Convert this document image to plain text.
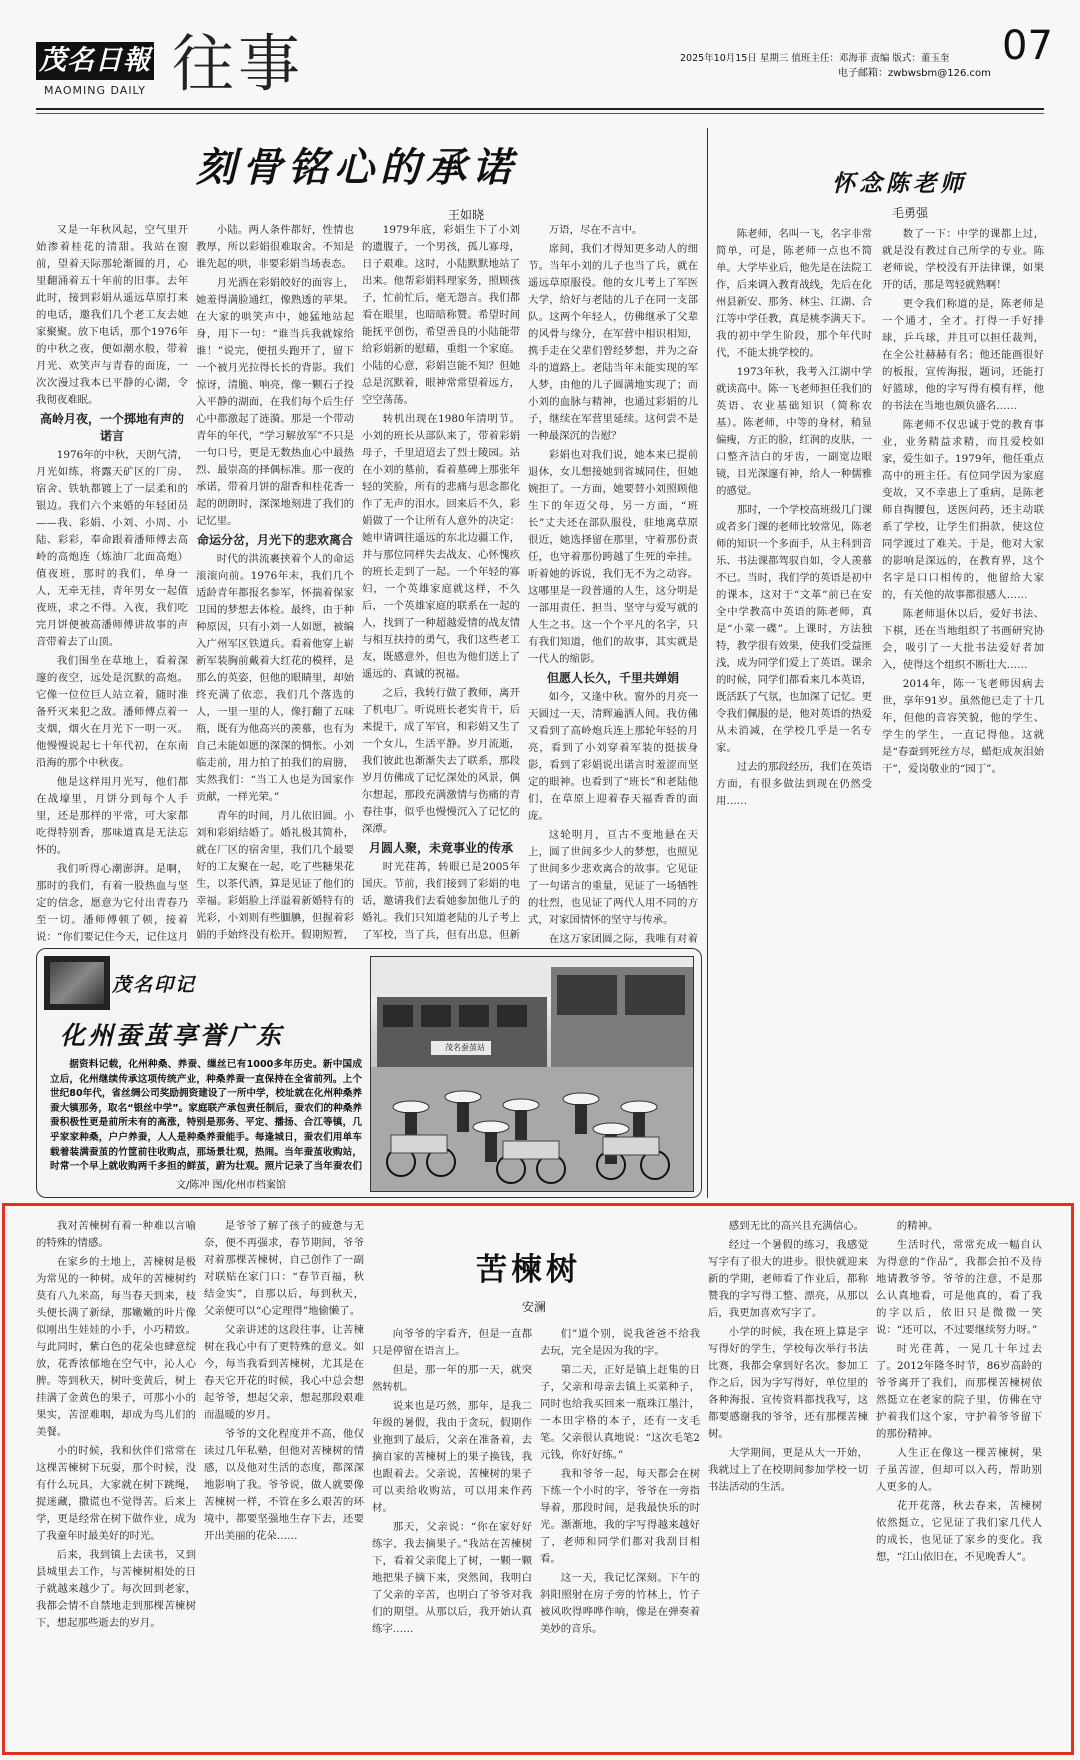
茂名日報
MAOMING DAILY 往事	2025年10月15日 星期三 值班主任：邓海菲 责编 版式：董玉奎
电子邮箱：zwbwsbm@126.com
07
刻骨铭心的承诺
王如晓

又是一年秋风起，空气里开始渗着桂花的清甜。我站在窗前，望着天际那轮渐圆的月，心里翻涌着五十年前的旧事。去年此时，接到彩娟从遥远草原打来的电话，邀我们几个老工友去她家聚聚。放下电话，那个1976年的中秋之夜，便如潮水般，带着月光、欢笑声与青春的面庞，一次次漫过我本已平静的心湖，令我彻夜难眠。

高岭月夜，一个掷地有声的诺言

1976年的中秋，天朗气清，月光如练，将露天矿区的厂房、宿舍、铁轨都镀上了一层柔和的银边。我们六个来婚的年轻团员——我、彩娟、小刘、小周、小陆、彩彩，奉命跟着潘师傅去高岭的高炮连（炼油厂北面高炮）值夜班，那时的我们，单身一人，无牵无挂，青年男女一起值夜班，求之不得。入夜，我们吃完月饼便被高潘师傅讲故事的声音带着去了山顶。

我们围坐在草地上，看着深邃的夜空，远处是沉默的高炮。它像一位位巨人站立着，随时准备歼灭来犯之敌。潘师傅点着一支烟，烟火在月光下一明一灭。他慢慢说起七十年代初，在东南沿海的那个中秋夜。

他是这样用月光写，他们都在战壕里，月饼分到每个人手里，还是那样的平常，可大家都吃得特别香，那味道真是无法忘怀的。

我们听得心潮澎湃。是啊，那时的我们，有着一股热血与坚定的信念，愿意为它付出青春乃至一切。潘师傅顿了顿，接着说：“你们要记住今天，记住这月

小陆。两人条件都好，性情也教厚，所以彩娟很难取舍。不知是谁先起的哄，非要彩娟当场表态。

月光洒在彩娟皎好的面容上，她羞得满脸通红，像熟透的苹果。在大家的哄笑声中，她猛地站起身，用下一句：“谁当兵我就嫁给谁！”说完，便扭头跑开了，留下一个被月光拉得长长的背影。我们惊讶，清脆、响亮，像一颗石子投入平静的湖面，在我们每个后生仔心中都激起了涟漪。那是一个带动青年的年代，“学习解放军”不只是一句口号，更是无数热血心中最热烈、最崇高的择偶标准。那一夜的承诺，带着月饼的甜香和桂花香一起的朗朗时，深深地刻进了我们的记忆里。

命运分岔，月光下的悲欢离合

时代的洪流裹挟着个人的命运滚滚向前。1976年末，我们几个适龄青年都报名参军，怀揣着保家卫国的梦想去体检。最终，由于种种原因，只有小刘一人如愿，被编入广州军区铁道兵。看着他穿上崭新军装胸前戴着大红花的模样，是那么的英姿，但他的眼睛里，却始终充满了依恋，我们几个落选的人，一里一里的人，像打翻了五味瓶，既有为他高兴的羡慕，也有为自己未能如愿的深深的惆怅。小刘临走前，用力拍了拍我们的肩膀，实然我们：“当工人也是为国家作贡献，一样光荣。”

青年的时间，月儿依旧圆。小刘和彩娟结婚了。婚礼极其简朴，就在厂区的宿舍里，我们几个最要好的工友聚在一起，吃了些糖果花生，以茶代酒，算是见证了他们的幸福。彩娟脸上洋溢着新婚特有的光彩，小刘则有些腼腆，但握着彩娟的手始终没有松开。假期短暂，

1979年底，彩娟生下了小刘的遗腹子，一个男孩，孤儿寡母，日子艰难。这时，小陆默默地站了出来。他帮彩娟料理家务，照顾孩子，忙前忙后，毫无怨言。我们都看在眼里，也暗暗称赞。希望时间能抚平创伤，希望善良的小陆能带给彩娟新的慰藉，重组一个家庭。小陆的心意，彩娟岂能不知？但她总是沉默着，眼神常常望着远方，空空荡荡。

转机出现在1980年清明节。小刘的班长从部队来了，带着彩娟母子，千里迢迢去了烈士陵园。站在小刘的墓前，看着墓碑上那张年轻的笑脸，所有的悲痛与思念都化作了无声的泪水。回来后不久，彩娟做了一个让所有人意外的决定：她申请调往遥远的东北边疆工作，并与那位同样失去战友、心怀愧疚的班长走到了一起。一个年轻的寡妇，一个英雄家庭就这样，不久后，一个英雄家庭的联系在一起的人，找到了一种超越爱情的战友情与相互扶持的勇气，我们这些老工友，既感意外，但也为他们送上了遥远的、真诚的祝福。

之后，我转行做了教师，离开了机电厂。听说班长老实肯干，后来提干，成了军官，和彩娟又生了一个女儿，生活平静。岁月流逝，我们彼此也渐渐失去了联系，那段岁月仿佛成了记忆深处的风景，偶尔想起，那段充满激情与伤痛的青春往事，似乎也慢慢沉入了记忆的深潭。

月圆人聚，未竟事业的传承

时光荏苒，转眼已是2005年国庆。节前，我们接到了彩娟的电话，邀请我们去看她参加他儿子的婚礼。我们只知道老陆的儿子考上了军校，当了兵，但有出息，但新

万语，尽在不言中。

席间，我们才得知更多动人的细节。当年小刘的儿子也当了兵，就在遥远草原服役。他的女儿考上了军医大学，给好与老陆的儿子在同一支部队。这两个年轻人，仿佛继承了父辈的风骨与缘分，在军营中相识相知，携手走在父辈们曾经梦想，并为之奋斗的道路上。老陆当年未能实现的军人梦，由他的儿子圆满地实现了；而小刘的血脉与精神，也通过彩娟的儿子，继续在军营里延续。这何尝不是一种最深沉的告慰？

彩娟也对我们说，她本来已提前退休，女儿想接她到省城同住，但她婉拒了。一方面，她要替小刘照顾他生下的年迈父母，另一方面，“班长”丈夫还在部队服役，驻地离草原很近，她选择留在那里，守着那份责任，也守着那份跨越了生死的牵挂。听着她的诉说，我们无不为之动容。这哪里是一段普通的人生，这分明是一部用责任、担当、坚守与爱写就的人生之书。这一个个平凡的名字，只有我们知道，他们的故事，其实就是一代人的缩影。

但愿人长久，千里共婵娟

如今，又逢中秋。窗外的月亮一天圆过一天，清辉遍洒人间。我仿佛又看到了高岭炮兵连上那轮年轻的月亮，看到了小刘穿着军装的挺拔身影，看到了彩娟说出诺言时羞涩而坚定的眼神。也看到了“班长”和老陆他们，在草原上迎着春天福香香的面庞。

这轮明月，亘古不变地悬在天上，圆了世间多少人的梦想，也照见了世间多少悲欢离合的故事。它见证了一句诺言的重量，见证了一场牺牲的壮烈，也见证了两代人用不同的方式，对家国情怀的坚守与传承。

在这万家团圆之际，我唯有对着

怀念陈老师
毛勇强

陈老师，名叫一飞，名字非常简单，可是，陈老师一点也不简单。大学毕业后，他先是在法院工作，后来调入教育战线，先后在化州县新安、那务、林尘、江湖、合江等中学任教，真是桃李满天下。我的初中学生阶段，那个年代时代，不能太挑学校的。

1973年秋，我考入江湖中学就读高中。陈一飞老师担任我们的英语、农业基础知识（简称农基）。陈老师，中等的身材，稍显偏瘦，方正的脸，红润的皮肤，一口整齐洁白的牙齿，一副宽边眼镜，目光深邃有神，给人一种儒雅的感觉。

那时，一个学校高班级几门课或者多门课的老师比较常见，陈老师的知识一个多面手，从主科到音乐、书法课都驾驭自如，令人羡慕不已。当时，我们学的英语是初中的课本，这对于“文革”前已在安全中学教高中英语的陈老师，真是“小菜一碟”。上课时，方法独特，教学很有效果，使我们受益匪浅，成为同学们爱上了英语。课余的时候，同学们都看来几本英语，既活跃了气氛，也加深了记忆。更令我们佩服的是，他对英语的热爱从未消减，在学校几乎是一名专家。

过去的那段经历，我们在英语方面，有很多做法到现在仍然受用……

数了一下：中学的课都上过，就是没有教过自己所学的专业。陈老师说，学校没有开法律课，如果开的话，那是驾轻就熟啊！

更令我们称道的是，陈老师是一个通才，全才。打得一手好排球，乒乓球，并且可以担任裁判，在全公社赫赫有名；他还能画很好的板报，宣传海报，题词，还能打好篮球，他的字写得有模有样，他的书法在当地也颇负盛名……

陈老师不仅忠诚于党的教育事业，业务精益求精，而且爱校如家，爱生如子。1979年，他任重点高中的班主任。有位同学因为家庭变故，又不幸患上了重病，是陈老师自掏腰包，送医问药，还主动联系了学校，让学生们捐款，使这位同学渡过了难关。于是，他对大家的影响是深远的，在教育界，这个名字是口口相传的，他留给大家的，有关他的故事都很感人……

陈老师退休以后，爱好书法、下棋，还在当地组织了书画研究协会，吸引了一大批书法爱好者加入，使得这个组织不断壮大……

2014年，陈一飞老师因病去世，享年91岁。虽然他已走了十几年，但他的音容笑貌，他的学生、学生的学生，一直记得他。这就是“春蚕到死丝方尽，蜡炬成灰泪始干”，爱岗敬业的“园丁”。

茂名印记
化州蚕茧享誉广东
据资料记载，化州种桑、养蚕、缫丝已有1000多年历史。新中国成立后，化州继续传承这项传统产业，种桑养蚕一直保持在全省前列。上个世纪80年代，省丝绸公司奖励拥资建设了一所中学，校址就在化州种桑养蚕大镇那务，取名“银丝中学”。家庭联产承包责任制后，蚕农们的种桑养蚕积极性更是前所未有的高涨，特别是那务、平定、播扬、合江等镇，几乎家家种桑，户户养蚕，人人是种桑养蚕能手。每逢城日，蚕农们用单车载着装满蚕茧的竹筐前往收购点，那场景壮观，热闹。当年蚕茧收购站，时常一个早上就收购两千多担的鲜茧，蔚为壮观。照片记录了当年蚕农们
文/陈冲 图/化州市档案馆
茂名蚕茧站
苦楝树
安澜

我对苦楝树有着一种难以言喻的特殊的情感。

在家乡的土地上，苦楝树是极为常见的一种树。成年的苦楝树约莫有八九米高，每当春天到来，枝头便长满了新绿，那嫩嫩的叶片像似刚出生娃娃的小手，小巧精致。与此同时，紫白色的花朵也肆意绽放，花香浓郁地在空气中，沁人心脾。等到秋天，树叶变黄后，树上挂满了金黄色的果子，可那小小的果实，苦涩难咽，却成为鸟儿们的美餐。

小的时候，我和伙伴们常常在这棵苦楝树下玩耍，那个时候，没有什么玩具，大家就在树下跳绳，捉迷藏，撒谎也不觉得苦。后来上学，更是经常在树下做作业，成为了我童年时最美好的时光。

后来，我到镇上去读书，又到县城里去工作，与苦楝树相处的日子就越来越少了。每次回到老家，我都会情不自禁地走到那棵苦楝树下，想起那些逝去的岁月。

是爷爷了解了孩子的疲惫与无奈，便不再强求，春节期间，爷爷对着那棵苦楝树，自己创作了一副对联贴在家门口：“春节百福，秋结金实”，自那以后，每到秋天，父亲便可以“心定理得”地偷懒了。

父亲讲述的这段往事，让苦楝树在我心中有了更特殊的意义。如今，每当我看到苦楝树，尤其是在春天它开花的时候，我心中总会想起爷爷，想起父亲，想起那段艰难而温暖的岁月。

爷爷的文化程度并不高，他仅读过几年私塾，但他对苦楝树的情感，以及他对生活的态度，都深深地影响了我。爷爷说，做人就要像苦楝树一样，不管在多么艰苦的环境中，都要坚强地生存下去，还要开出美丽的花朵……

向爷爷的字看齐，但是一直都只是停留在语言上。

但是，那一年的那一天，就突然转机。

说来也是巧然，那年，是我二年级的暑假，我由于贪玩，假期作业拖到了最后，父亲在准备着，去摘自家的苦楝树上的果子换钱，我也跟着去。父亲说，苦楝树的果子可以卖给收购站，可以用来作药材。

那天，父亲说：“你在家好好练字，我去摘果子。”我站在苦楝树下，看着父亲爬上了树，一颗一颗地把果子摘下来，突然间，我明白了父亲的辛苦，也明白了爷爷对我们的期望。从那以后，我开始认真练字……

们”道个别，说我爸爸不给我去玩，完全是因为我的字。

第二天，正好是镇上赶集的日子，父亲和母亲去镇上买菜种子，同时也给我买回来一瓶珠江墨汁，一本田字格的本子，还有一支毛笔。父亲很认真地说：“这次毛笔2元钱，你好好练。”

我和爷爷一起，每天都会在树下练一个小时的字，爷爷在一旁指导着，那段时间，是我最快乐的时光。渐渐地，我的字写得越来越好了，老师和同学们都对我刮目相看。

这一天，我记忆深刻。下午的斜阳照射在房子旁的竹林上，竹子被风吹得哗哗作响，像是在弹奏着美妙的音乐。

感到无比的高兴且充满信心。

经过一个暑假的练习，我感觉写字有了很大的进步。很快就迎来新的学期，老师看了作业后，都称赞我的字写得工整、漂亮，从那以后，我更加喜欢写字了。

小学的时候，我在班上算是字写得好的学生，学校每次举行书法比赛，我都会拿到好名次。参加工作之后，因为字写得好，单位里的各种海报、宣传资料都找我写，这都要感谢我的爷爷，还有那棵苦楝树。

大学期间，更是从大一开始，我就过上了在校期间参加学校一切书法活动的生活。

的精神。

生活时代，常常充成一幅自认为得意的“作品”，我都会拍不及待地请教爷爷。爷爷的注意，不是那么认真地看，可是他真的，看了我的字以后，依旧只是微微一笑说：“还可以，不过要继续努力呀。”

时光荏苒，一晃几十年过去了。2012年隆冬时节，86岁高龄的爷爷离开了我们，而那棵苦楝树依然挺立在老家的院子里，仿佛在守护着我们这个家，守护着爷爷留下的那份精神。

人生正在像这一棵苦楝树，果子虽苦涩，但却可以入药，帮助别人更多的人。

花开花落，秋去春来，苦楝树依然挺立，它见证了我们家几代人的成长，也见证了家乡的变化。我想，“江山依旧在，不见晚香人”。
